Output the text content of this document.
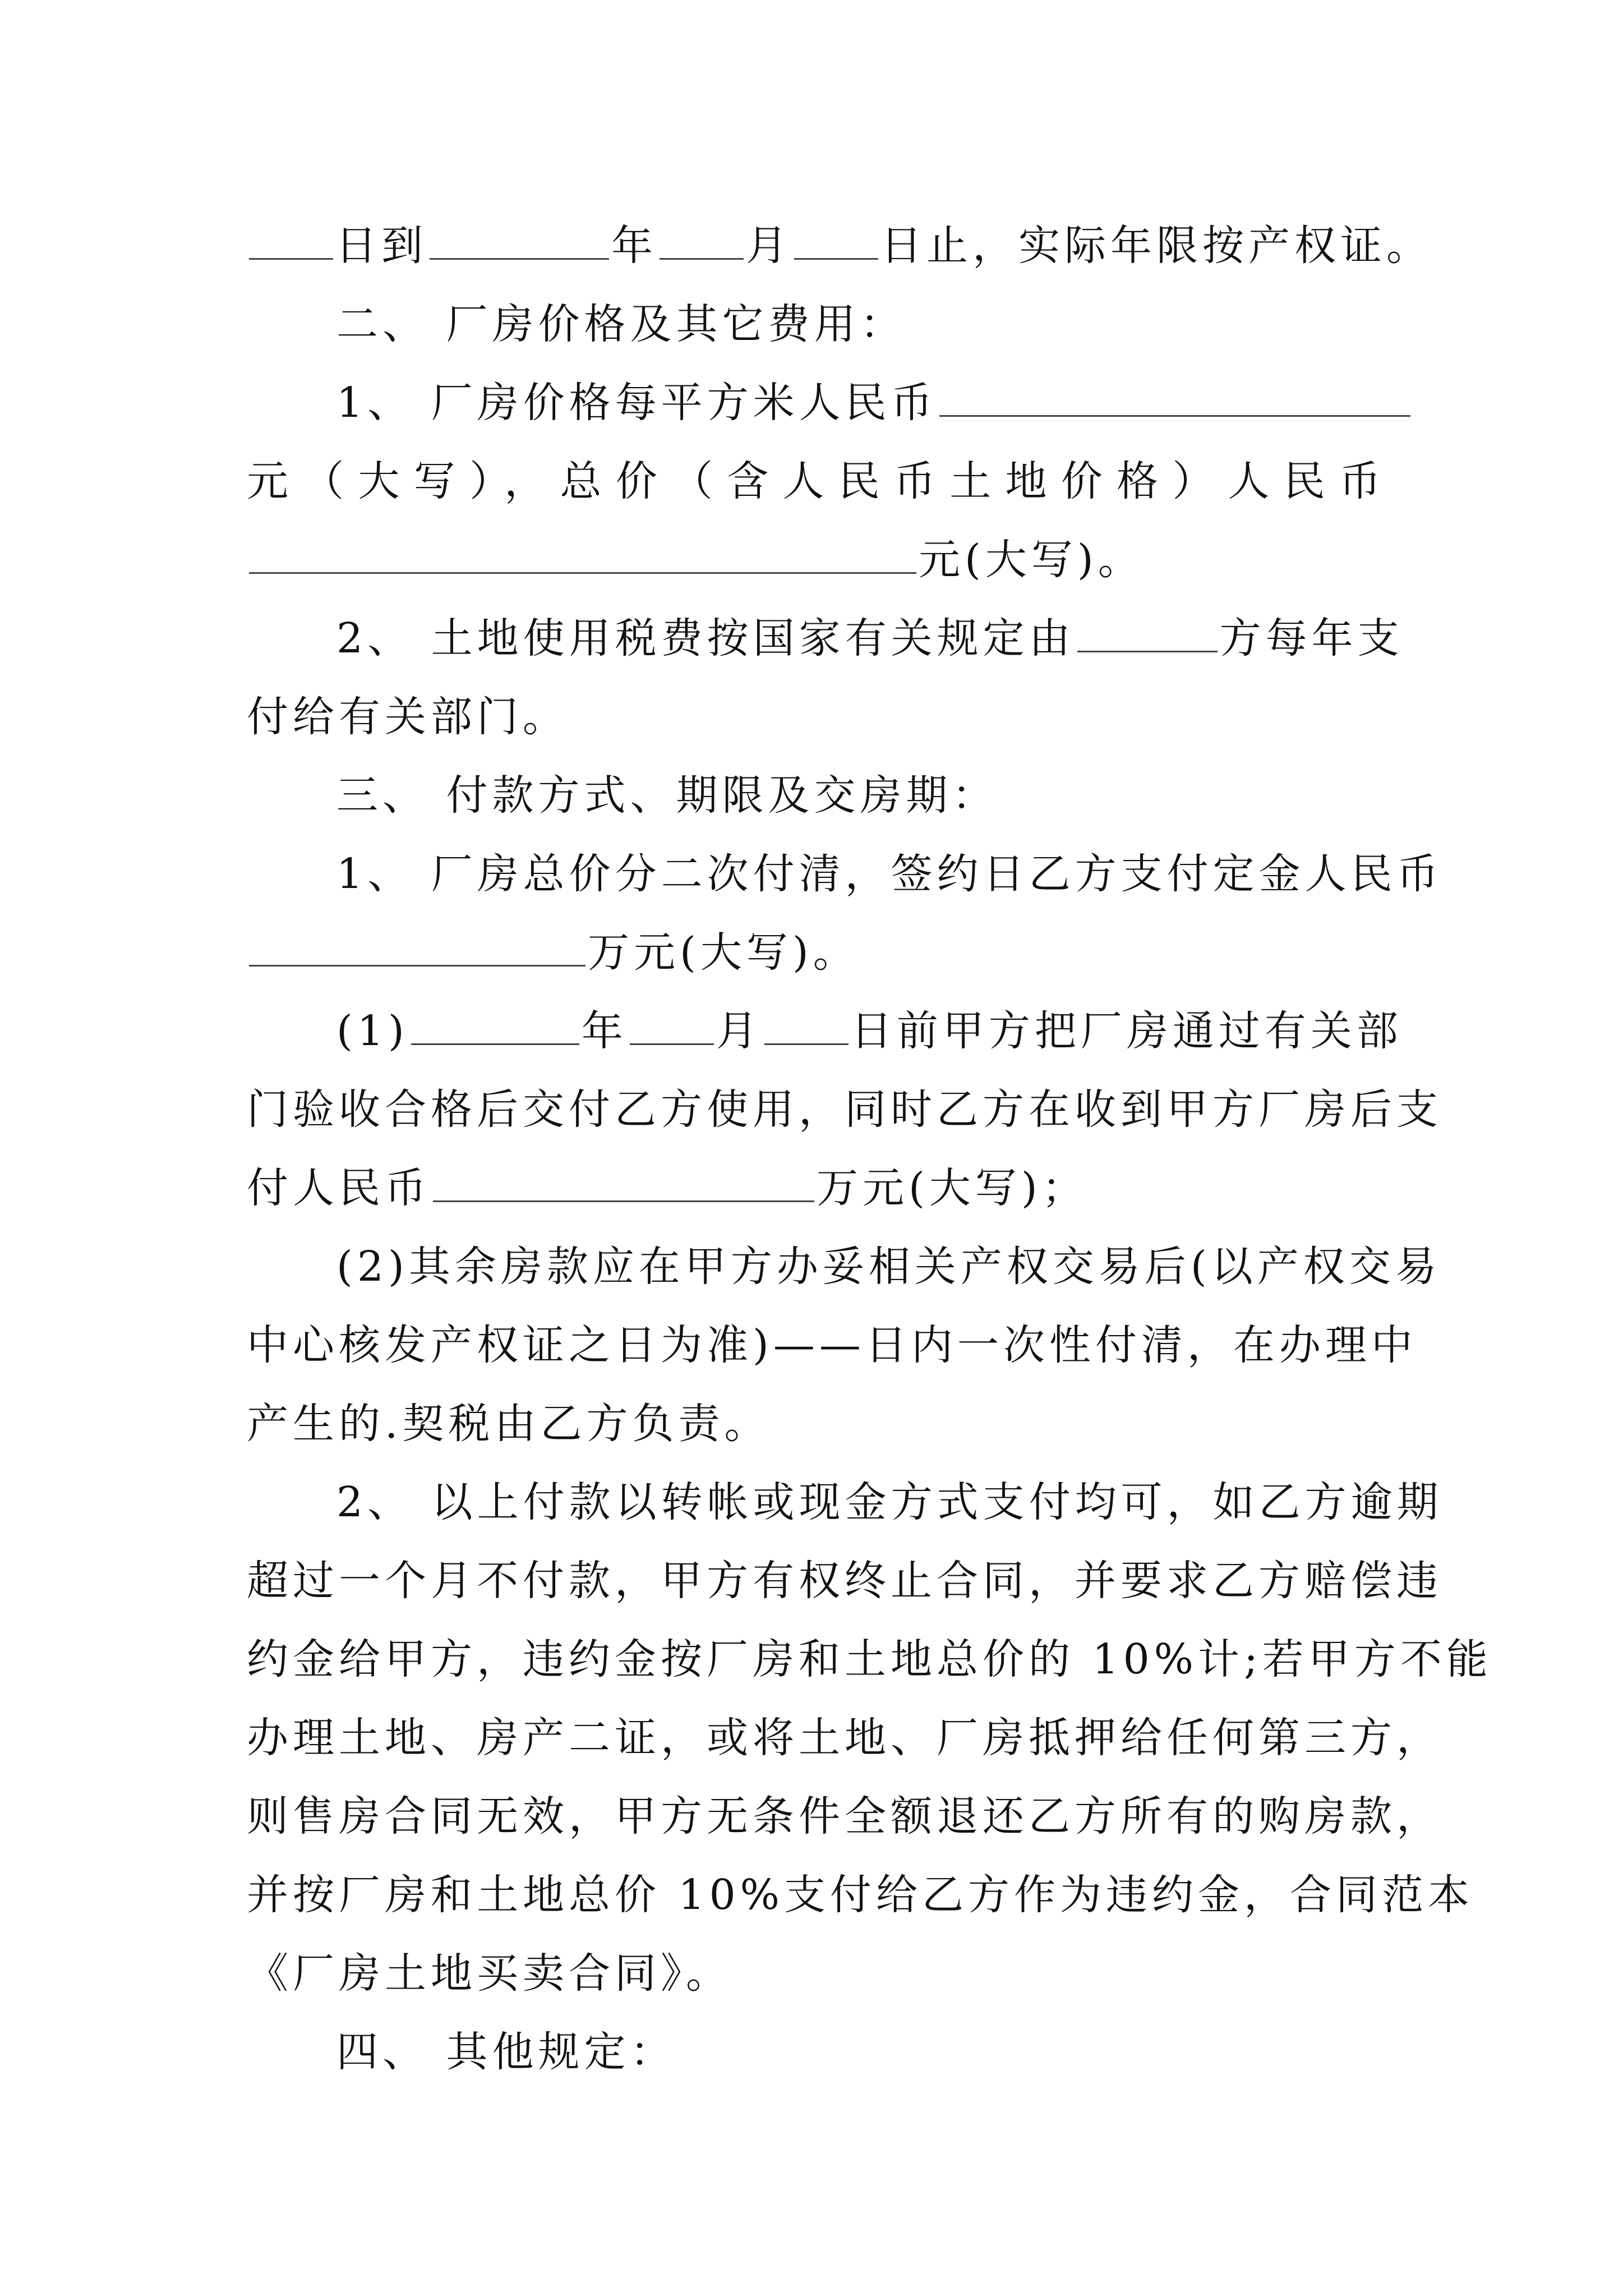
日到	年 月 日止，实际年限按产权证。
二、 厂房价格及其它费用：
1、 厂房价格每平方米人民币
元（大写），总价（含人民币土地价格）人民币
元(大写)。
2、 土地使用税费按国家有关规定由	方每年支
付给有关部门。
三、 付款方式、期限及交房期：
1、 厂房总价分二次付清，签约日乙方支付定金人民币
万元(大写)。
(1)	年 月 日前甲方把厂房通过有关部
门验收合格后交付乙方使用，同时乙方在收到甲方厂房后支
付人民币	万元(大写)；
(2)其余房款应在甲方办妥相关产权交易后(以产权交易
中心核发产权证之日为准)——日内一次性付清，在办理中
产生的.契税由乙方负责。
2、 以上付款以转帐或现金方式支付均可，如乙方逾期
超过一个月不付款，甲方有权终止合同，并要求乙方赔偿违
约金给甲方，违约金按厂房和土地总价的 10%计;若甲方不能
办理土地、房产二证，或将土地、厂房抵押给任何第三方，
则售房合同无效，甲方无条件全额退还乙方所有的购房款，
并按厂房和土地总价 10%支付给乙方作为违约金，合同范本
《厂房土地买卖合同》。
四、 其他规定：
